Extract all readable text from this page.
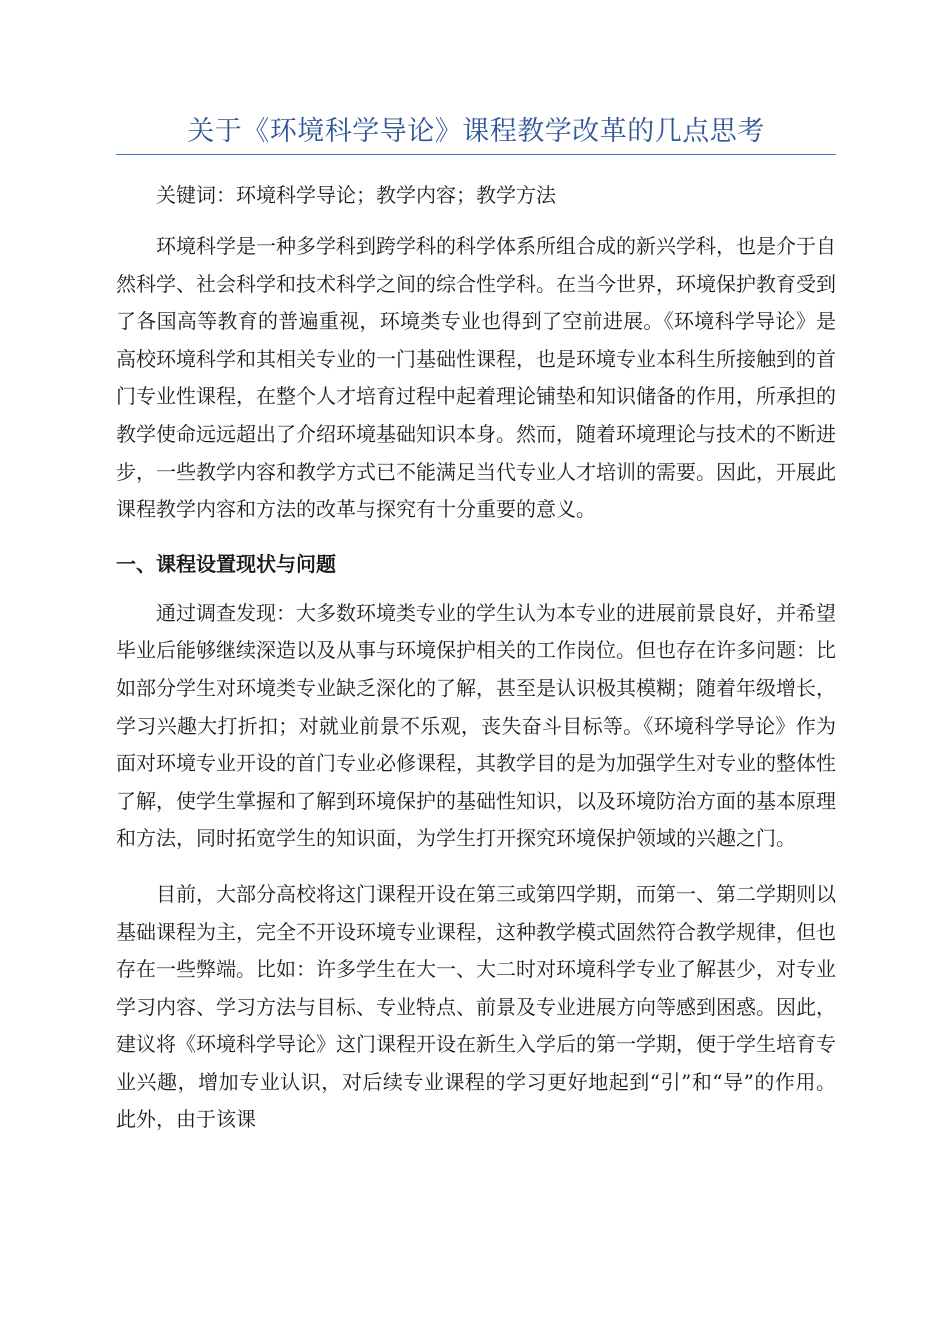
关于《环境科学导论》课程教学改革的几点思考

关键词：环境科学导论；教学内容；教学方法

环境科学是一种多学科到跨学科的科学体系所组合成的新兴学科，也是介于自然科学、社会科学和技术科学之间的综合性学科。在当今世界，环境保护教育受到了各国高等教育的普遍重视，环境类专业也得到了空前进展。《环境科学导论》是高校环境科学和其相关专业的一门基础性课程，也是环境专业本科生所接触到的首门专业性课程，在整个人才培育过程中起着理论铺垫和知识储备的作用，所承担的教学使命远远超出了介绍环境基础知识本身。然而，随着环境理论与技术的不断进步，一些教学内容和教学方式已不能满足当代专业人才培训的需要。因此，开展此课程教学内容和方法的改革与探究有十分重要的意义。

一、课程设置现状与问题

通过调查发现：大多数环境类专业的学生认为本专业的进展前景良好，并希望毕业后能够继续深造以及从事与环境保护相关的工作岗位。但也存在许多问题：比如部分学生对环境类专业缺乏深化的了解，甚至是认识极其模糊；随着年级增长，学习兴趣大打折扣；对就业前景不乐观，丧失奋斗目标等。《环境科学导论》作为面对环境专业开设的首门专业必修课程，其教学目的是为加强学生对专业的整体性了解，使学生掌握和了解到环境保护的基础性知识，以及环境防治方面的基本原理和方法，同时拓宽学生的知识面，为学生打开探究环境保护领域的兴趣之门。

目前，大部分高校将这门课程开设在第三或第四学期，而第一、第二学期则以基础课程为主，完全不开设环境专业课程，这种教学模式固然符合教学规律，但也存在一些弊端。比如：许多学生在大一、大二时对环境科学专业了解甚少，对专业学习内容、学习方法与目标、专业特点、前景及专业进展方向等感到困惑。因此，建议将《环境科学导论》这门课程开设在新生入学后的第一学期，便于学生培育专业兴趣，增加专业认识，对后续专业课程的学习更好地起到“引”和“导”的作用。此外，由于该课
